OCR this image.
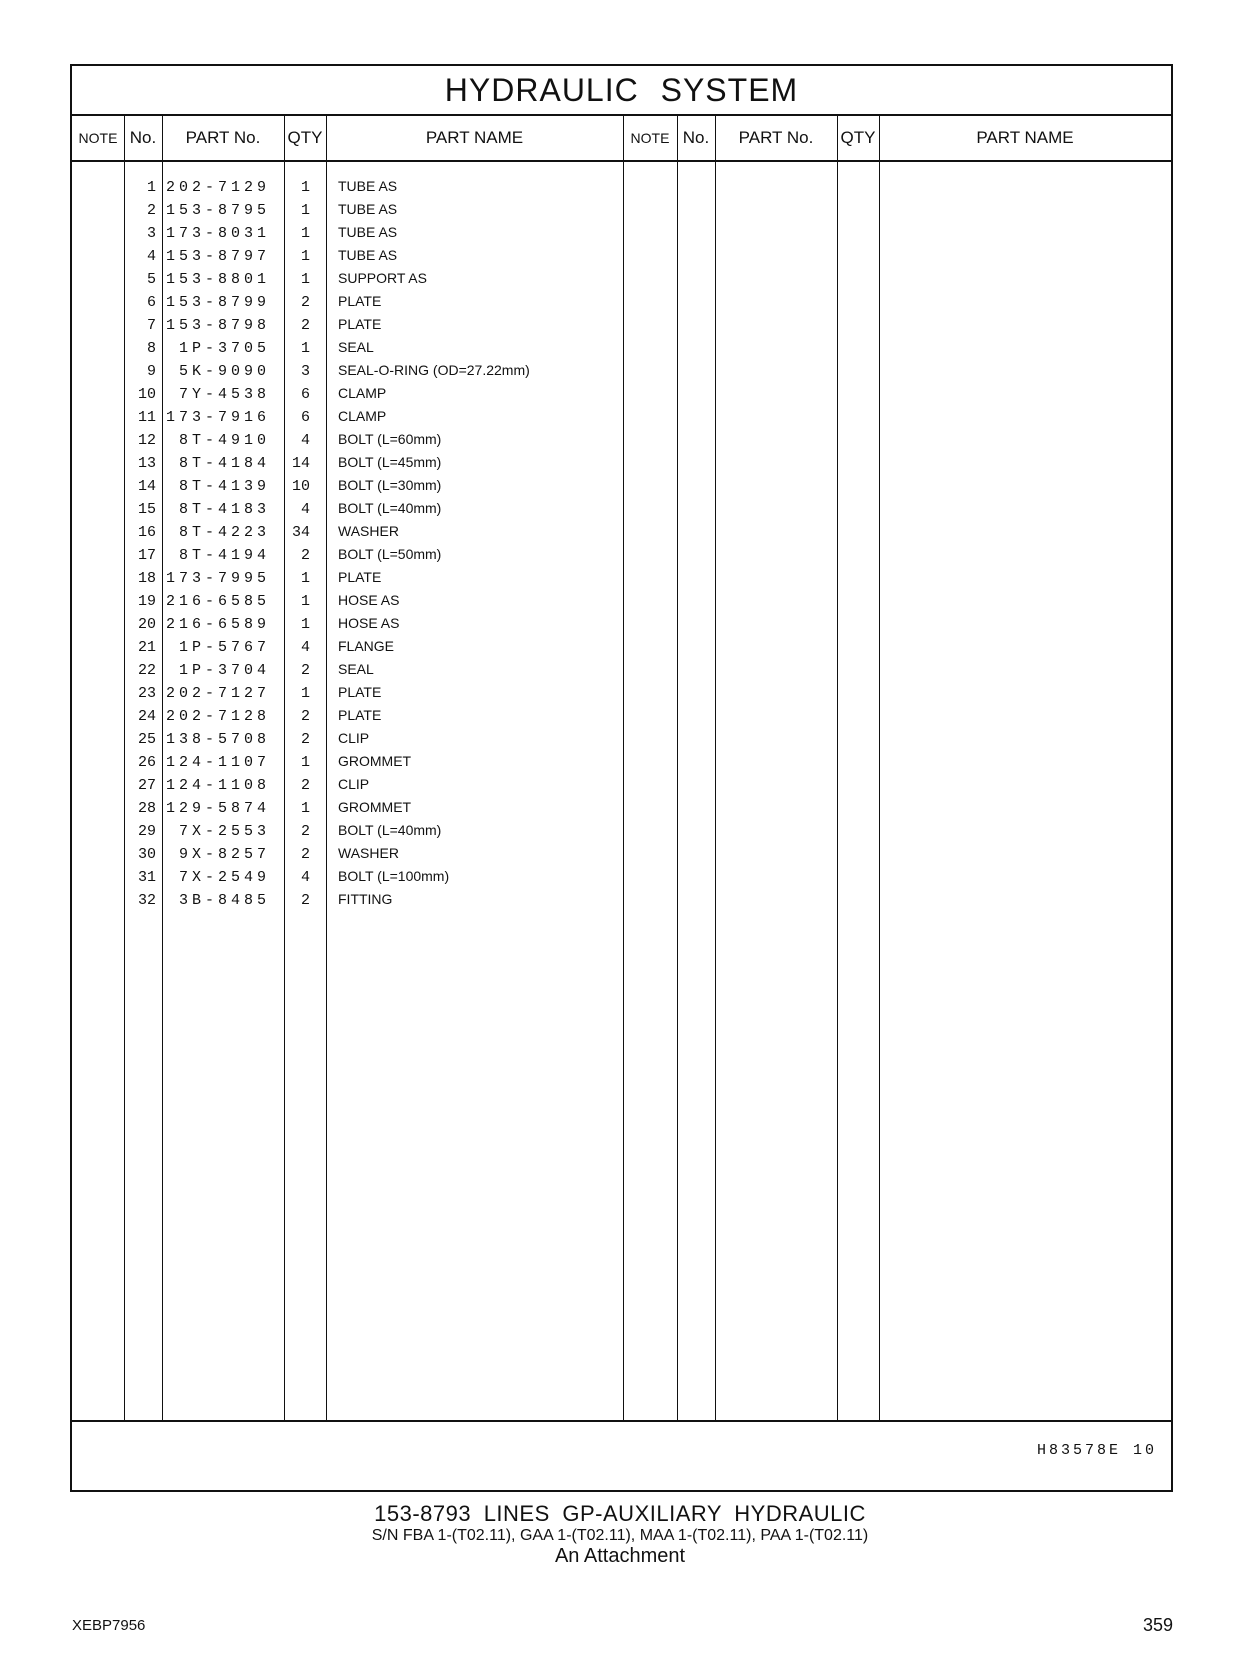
HYDRAULIC SYSTEM
NOTE No.	PART No.	QTY	PART NAME	NOTE No.	PART No.	QTY	PART NAME
1 202-7129	1 TUBE AS
2 153-8795	1 TUBE AS
3 173-8031	1 TUBE AS
4 153-8797	1 TUBE AS
5 153-8801	1 SUPPORT AS
6 153-8799	2 PLATE
7 153-8798	2 PLATE
8	1P-3705	1 SEAL
9	5K-9090	3 SEAL-O-RING (OD=27.22mm)
10	7Y-4538	6 CLAMP
11 173-7916	6 CLAMP
12	8T-4910	4 BOLT (L=60mm)
13	8T-4184	14 BOLT (L=45mm)
14	8T-4139	10 BOLT (L=30mm)
15	8T-4183	4 BOLT (L=40mm)
16	8T-4223	34 WASHER
17	8T-4194	2 BOLT (L=50mm)
18 173-7995	1 PLATE
19 216-6585	1 HOSE AS
20 216-6589	1 HOSE AS
21	1P-5767	4 FLANGE
22	1P-3704	2 SEAL
23 202-7127	1 PLATE
24 202-7128	2 PLATE
25 138-5708	2 CLIP
26 124-1107	1 GROMMET
27 124-1108	2 CLIP
28 129-5874	1 GROMMET
29	7X-2553	2 BOLT (L=40mm)
30	9X-8257	2 WASHER
31	7X-2549	4 BOLT (L=100mm)
32	3B-8485	2 FITTING
H83578E 10
153-8793 LINES GP-AUXILIARY HYDRAULIC
S/N FBA 1-(T02.11), GAA 1-(T02.11), MAA 1-(T02.11), PAA 1-(T02.11)
An Attachment
XEBP7956	359
